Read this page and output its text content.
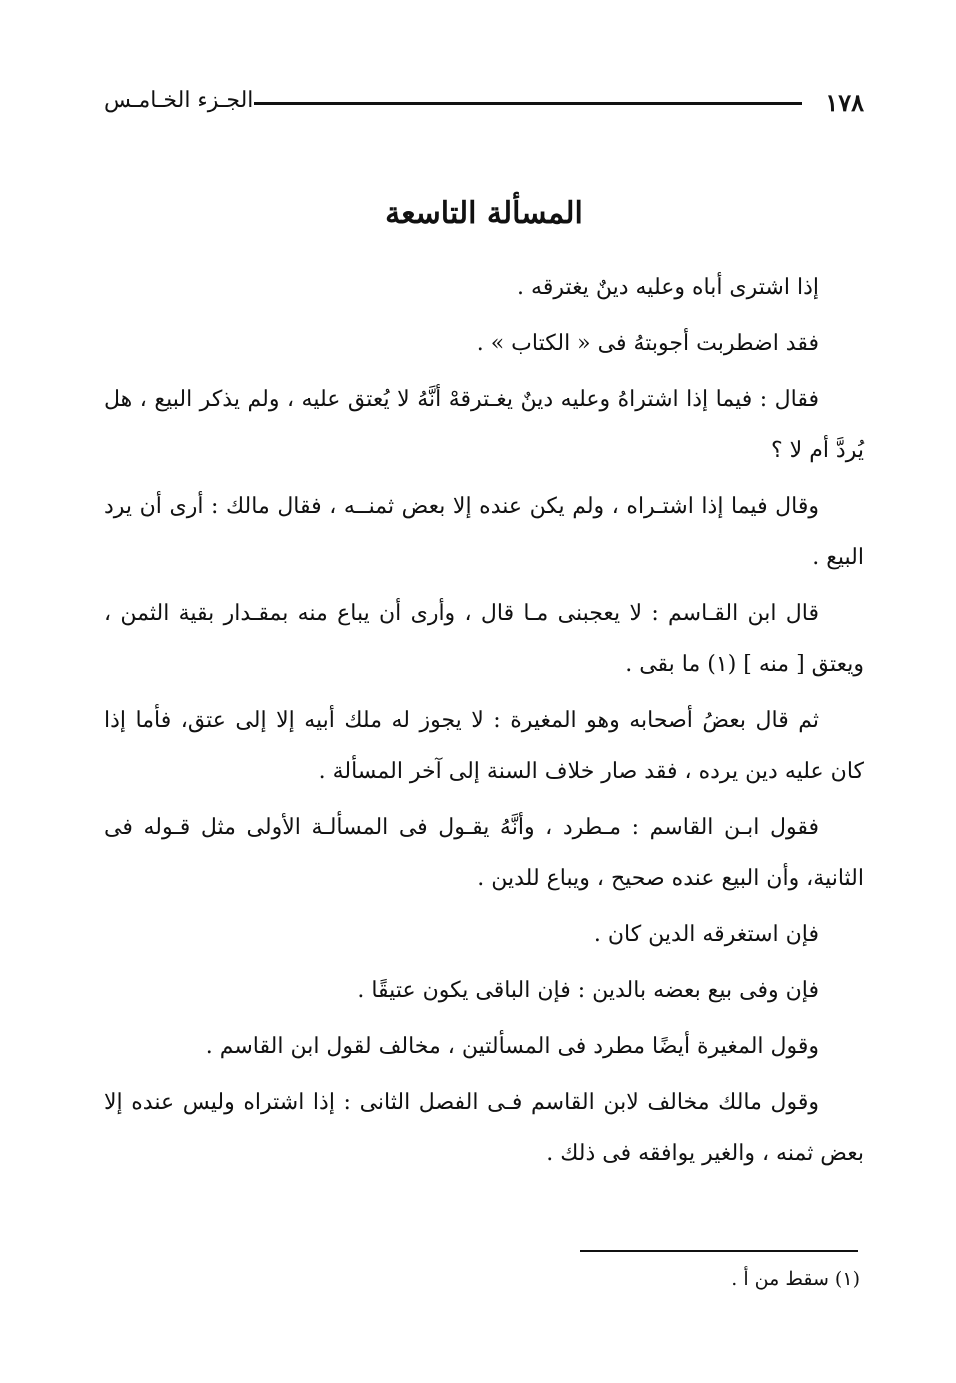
١٧٨
الجـزء الخـامـس
المسألة التاسعة

إذا اشترى أباه وعليه دينٌ يغترقه .

فقد اضطربت أجوبتهُ فى « الكتاب » .

فقال : فيما إذا اشتراهُ وعليه دينٌ يغـترقهْ أنَّهُ لا يُعتق عليه ، ولم يذكر البيع ، هل يُردَّ أم لا ؟

وقال فيما إذا اشتـراه ، ولم يكن عنده إلا بعض ثمنــه ، فقال مالك : أرى أن يرد البيع .

قال ابن القـاسم : لا يعجبنى مـا قال ، وأرى أن يباع منه بمقـدار بقية الثمن ، ويعتق [ منه ] (١) ما بقى .

ثم قال بعضُ أصحابه وهو المغيرة : لا يجوز له ملك أبيه إلا إلى عتق، فأما إذا كان عليه دين يرده ، فقد صار خلاف السنة إلى آخر المسألة .

فقول ابـن القاسم : مـطرد ، وأنَّهُ يقـول فى المسألـة الأولى مثل قـوله فى الثانية، وأن البيع عنده صحيح ، ويباع للدين .

فإن استغرقه الدين كان .

فإن وفى بيع بعضه بالدين : فإن الباقى يكون عتيقًا .

وقول المغيرة أيضًا مطرد فى المسألتين ، مخالف لقول ابن القاسم .

وقول مالك مخالف لابن القاسم فـى الفصل الثانى : إذا اشتراه وليس عنده إلا بعض ثمنه ، والغير يوافقه فى ذلك .

(١) سقط من أ .
